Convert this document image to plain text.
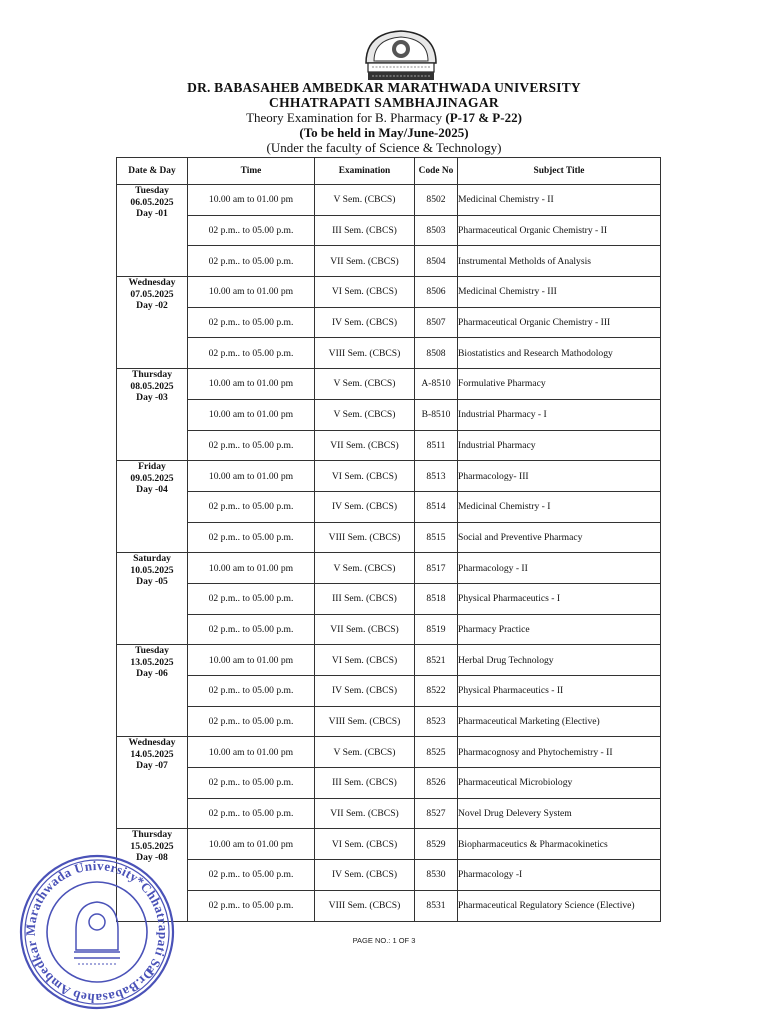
DR. BABASAHEB AMBEDKAR MARATHWADA UNIVERSITY
CHHATRAPATI SAMBHAJINAGAR
Theory Examination for B. Pharmacy (P-17 & P-22)
(To be held in May/June-2025)
(Under the faculty of Science & Technology)
Date & Day	Time	Examination	Code No	Subject Title

Tuesday
06.05.2025
Day -01	10.00 am to 01.00 pm	V Sem. (CBCS)	8502	Medicinal Chemistry - II
	02 p.m.. to 05.00 p.m.	III Sem. (CBCS)	8503	Pharmaceutical Organic Chemistry - II
	02 p.m.. to 05.00 p.m.	VII Sem. (CBCS)	8504	Instrumental Metholds of Analysis

Wednesday
07.05.2025
Day -02	10.00 am to 01.00 pm	VI Sem. (CBCS)	8506	Medicinal Chemistry - III
	02 p.m.. to 05.00 p.m.	IV Sem. (CBCS)	8507	Pharmaceutical Organic Chemistry - III
	02 p.m.. to 05.00 p.m.	VIII Sem. (CBCS)	8508	Biostatistics and Research Mathodology

Thursday
08.05.2025
Day -03	10.00 am to 01.00 pm	V Sem. (CBCS)	A-8510	Formulative Pharmacy
	10.00 am to 01.00 pm	V Sem. (CBCS)	B-8510	Industrial Pharmacy - I
	02 p.m.. to 05.00 p.m.	VII Sem. (CBCS)	8511	Industrial Pharmacy

Friday
09.05.2025
Day -04	10.00 am to 01.00 pm	VI Sem. (CBCS)	8513	Pharmacology- III
	02 p.m.. to 05.00 p.m.	IV Sem. (CBCS)	8514	Medicinal Chemistry - I
	02 p.m.. to 05.00 p.m.	VIII Sem. (CBCS)	8515	Social and Preventive Pharmacy

Saturday
10.05.2025
Day -05	10.00 am to 01.00 pm	V Sem. (CBCS)	8517	Pharmacology - II
	02 p.m.. to 05.00 p.m.	III Sem. (CBCS)	8518	Physical Pharmaceutics - I
	02 p.m.. to 05.00 p.m.	VII Sem. (CBCS)	8519	Pharmacy Practice

Tuesday
13.05.2025
Day -06	10.00 am to 01.00 pm	VI Sem. (CBCS)	8521	Herbal Drug Technology
	02 p.m.. to 05.00 p.m.	IV Sem. (CBCS)	8522	Physical Pharmaceutics - II
	02 p.m.. to 05.00 p.m.	VIII Sem. (CBCS)	8523	Pharmaceutical Marketing (Elective)

Wednesday
14.05.2025
Day -07	10.00 am to 01.00 pm	V Sem. (CBCS)	8525	Pharmacognosy and Phytochemistry - II
	02 p.m.. to 05.00 p.m.	III Sem. (CBCS)	8526	Pharmaceutical Microbiology
	02 p.m.. to 05.00 p.m.	VII Sem. (CBCS)	8527	Novel Drug Delevery System

Thursday
15.05.2025
Day -08	10.00 am to 01.00 pm	VI Sem. (CBCS)	8529	Biopharmaceutics & Pharmacokinetics
	02 p.m.. to 05.00 p.m.	IV Sem. (CBCS)	8530	Pharmacology -I
	02 p.m.. to 05.00 p.m.	VIII Sem. (CBCS)	8531	Pharmaceutical Regulatory Science (Elective)
PAGE NO.: 1 OF 3
Dr.Babasaheb Ambedkar Marathwada University*Chhatrapati Sambhajinagar*
